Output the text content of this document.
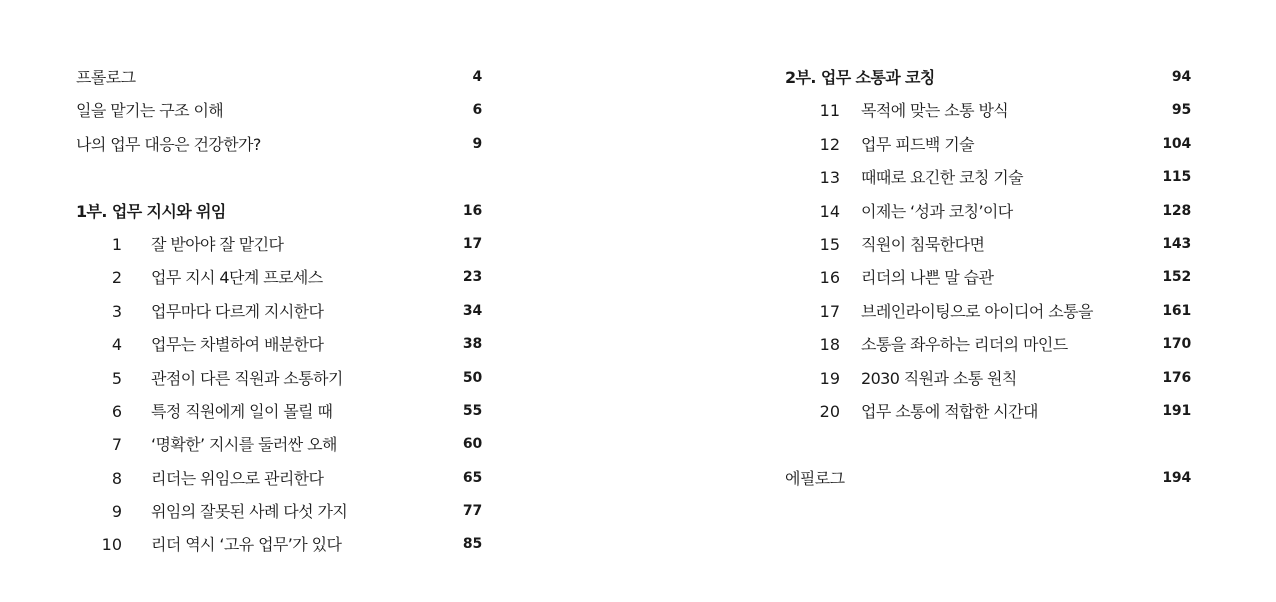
프롤로그	4
일을 맡기는 구조 이해	6
나의 업무 대응은 건강한가?	9
1부. 업무 지시와 위임	16
1 잘 받아야 잘 맡긴다	17
2 업무 지시 4단계 프로세스	23
3 업무마다 다르게 지시한다	34
4 업무는 차별하여 배분한다	38
5 관점이 다른 직원과 소통하기	50
6 특정 직원에게 일이 몰릴 때	55
7 ‘명확한’ 지시를 둘러싼 오해	60
8 리더는 위임으로 관리한다	65
9 위임의 잘못된 사례 다섯 가지	77
10 리더 역시 ‘고유 업무’가 있다	85
2부. 업무 소통과 코칭	94
11 목적에 맞는 소통 방식	95
12 업무 피드백 기술	104
13 때때로 요긴한 코칭 기술	115
14 이제는 ‘성과 코칭’이다	128
15 직원이 침묵한다면	143
16 리더의 나쁜 말 습관	152
17 브레인라이팅으로 아이디어 소통을	161
18 소통을 좌우하는 리더의 마인드	170
19 2030 직원과 소통 원칙	176
20 업무 소통에 적합한 시간대	191
에필로그	194
